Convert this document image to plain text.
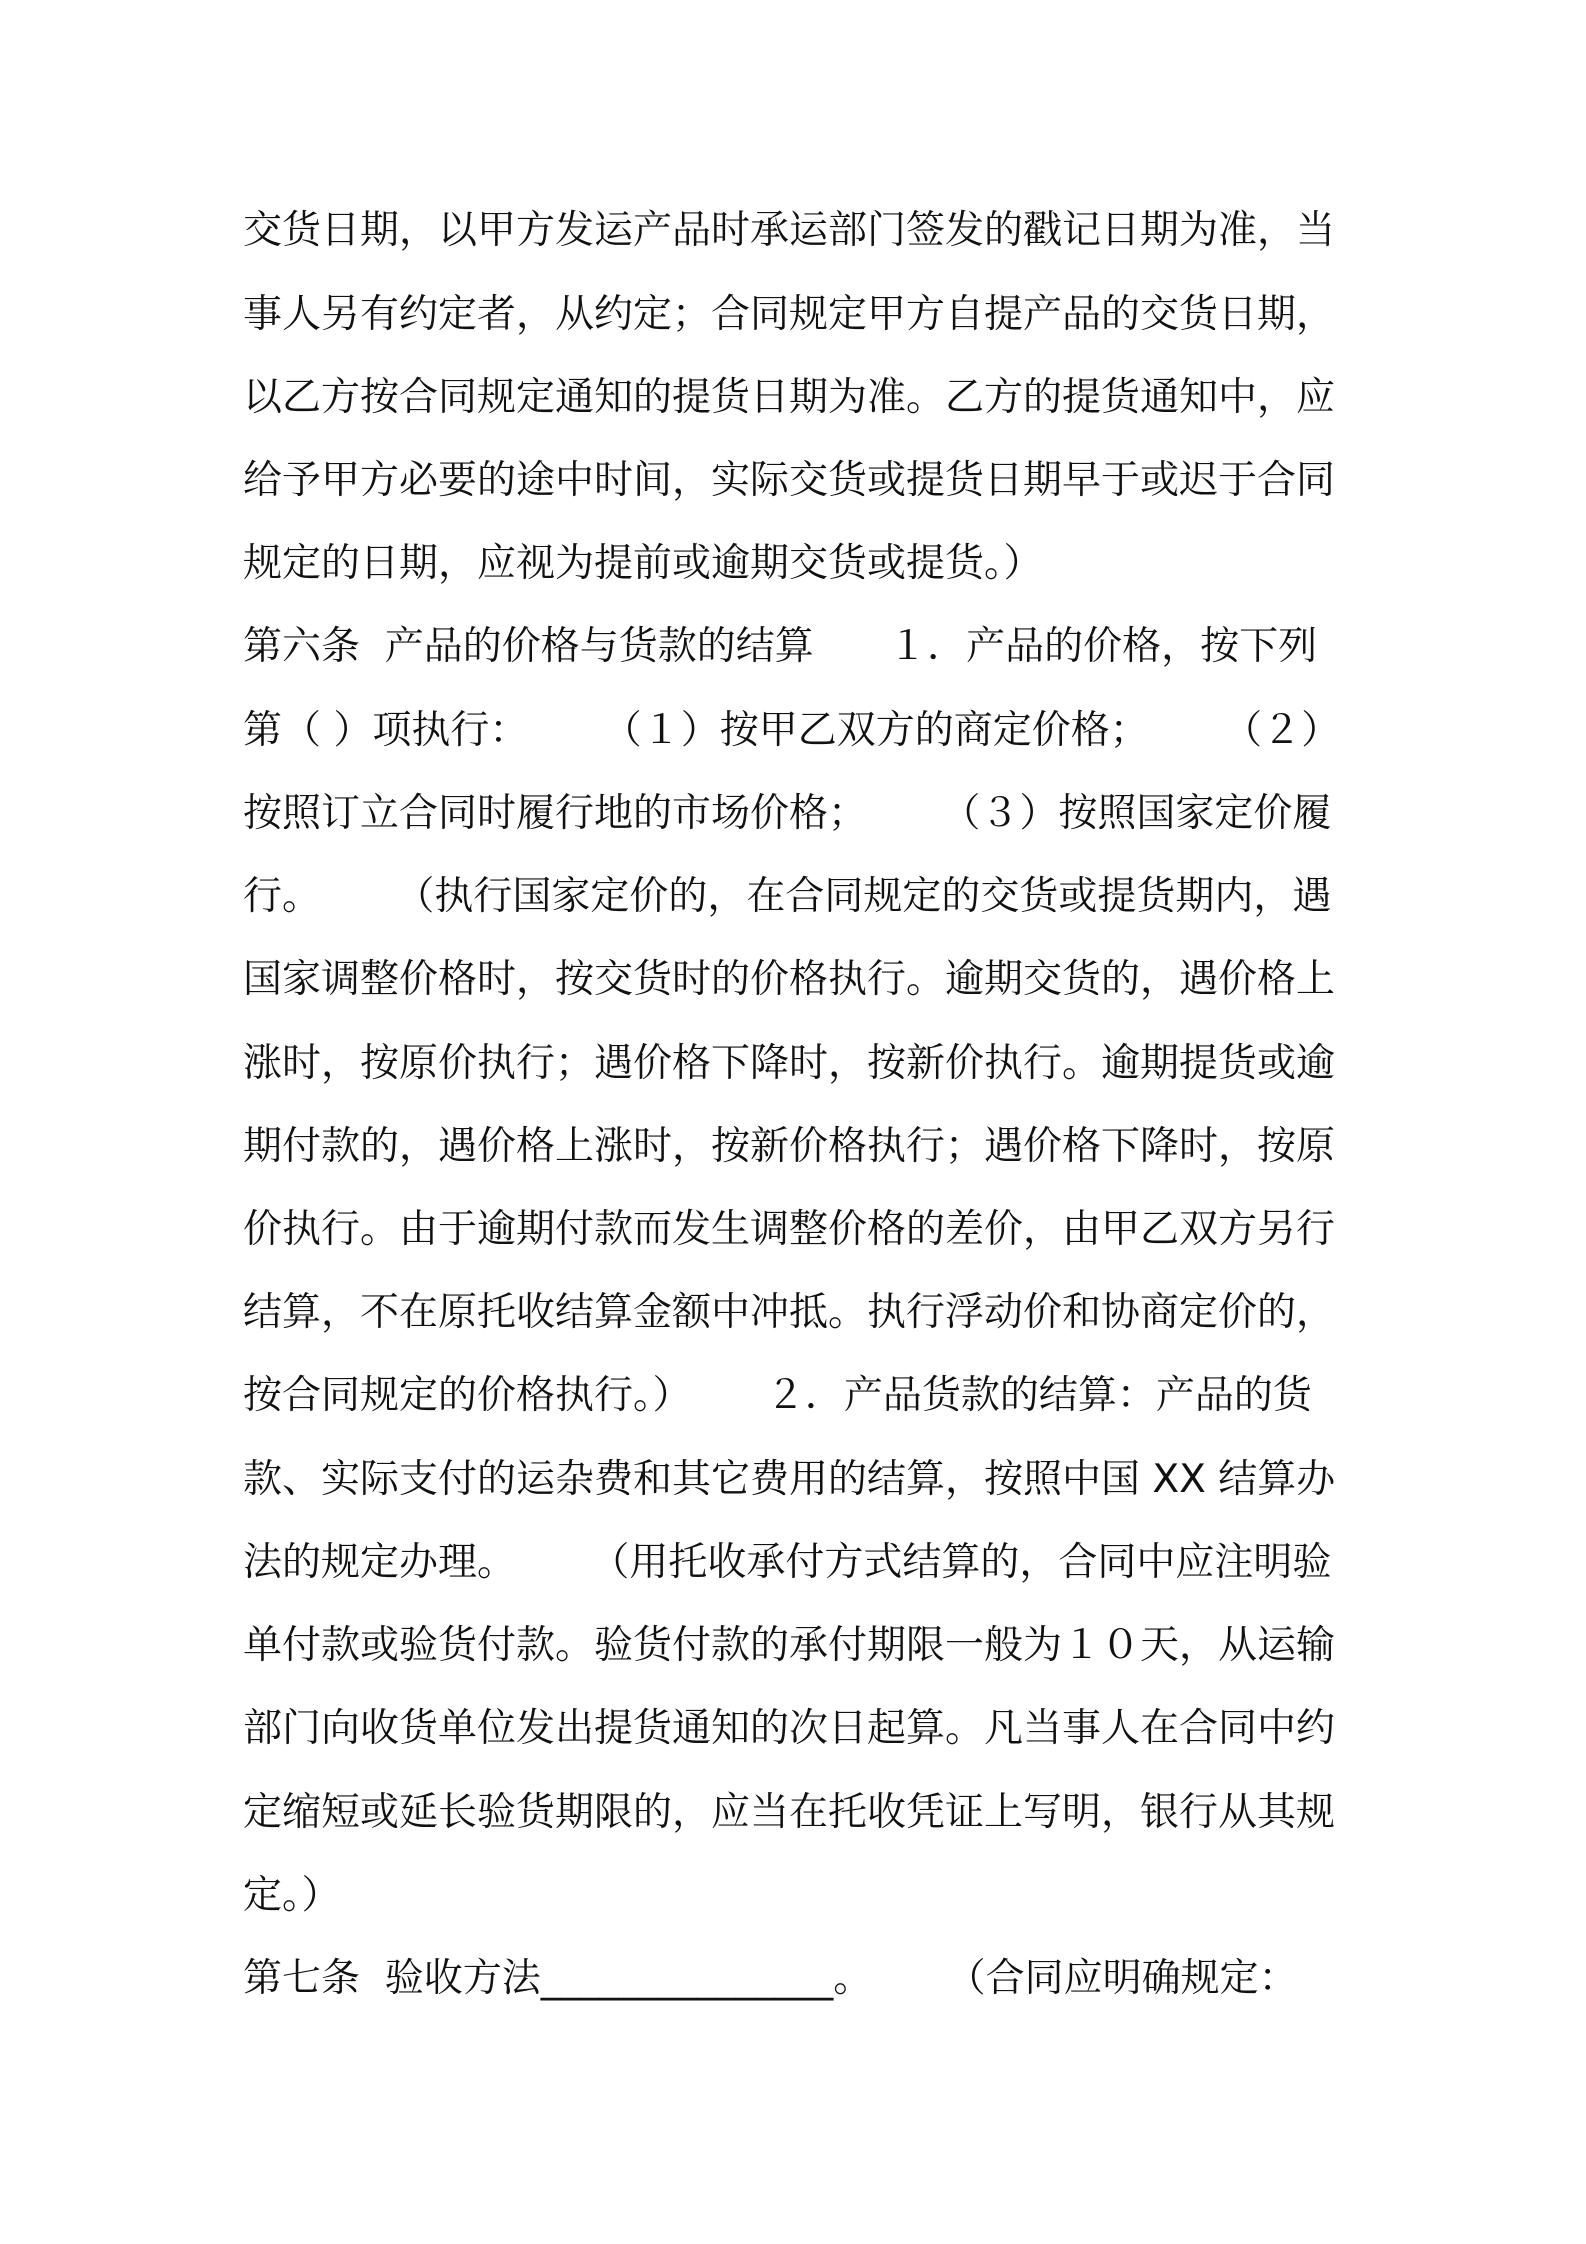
交货日期，以甲方发运产品时承运部门签发的戳记日期为准，当

事人另有约定者，从约定；合同规定甲方自提产品的交货日期，

以乙方按合同规定通知的提货日期为准。乙方的提货通知中，应

给予甲方必要的途中时间，实际交货或提货日期早于或迟于合同

规定的日期，应视为提前或逾期交货或提货。）

第六条  产品的价格与货款的结算      １．产品的价格，按下列

第（ ）项执行：      （１）按甲乙双方的商定价格；      （２）

按照订立合同时履行地的市场价格；      （３）按照国家定价履

行。      （执行国家定价的，在合同规定的交货或提货期内，遇

国家调整价格时，按交货时的价格执行。逾期交货的，遇价格上

涨时，按原价执行；遇价格下降时，按新价执行。逾期提货或逾

期付款的，遇价格上涨时，按新价格执行；遇价格下降时，按原

价执行。由于逾期付款而发生调整价格的差价，由甲乙双方另行

结算，不在原托收结算金额中冲抵。执行浮动价和协商定价的，

按合同规定的价格执行。）      ２．产品货款的结算：产品的货

款、实际支付的运杂费和其它费用的结算，按照中国 XX 结算办

法的规定办理。      （用托收承付方式结算的，合同中应注明验

单付款或验货付款。验货付款的承付期限一般为１０天，从运输

部门向收货单位发出提货通知的次日起算。凡当事人在合同中约

定缩短或延长验货期限的，应当在托收凭证上写明，银行从其规

定。）

第七条  验收方法_______________。      （合同应明确规定：
